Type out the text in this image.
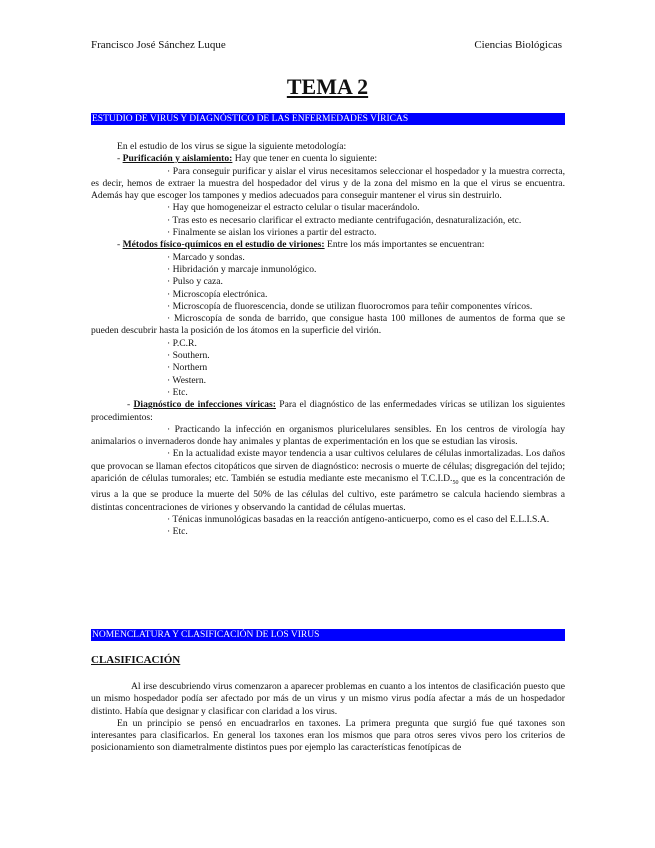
Francisco José Sánchez Luque	Ciencias Biológicas
TEMA 2
ESTUDIO DE VIRUS Y DIAGNÓSTICO DE LAS ENFERMEDADES VÍRICAS

En el estudio de los virus se sigue la siguiente metodología:

- Purificación y aislamiento: Hay que tener en cuenta lo siguiente:

· Para conseguir purificar y aislar el virus necesitamos seleccionar el hospedador y la muestra correcta, es decir, hemos de extraer la muestra del hospedador del virus y de la zona del mismo en la que el virus se encuentra. Además hay que escoger los tampones y medios adecuados para conseguir mantener el virus sin destruirlo.

· Hay que homogeneizar el estracto celular o tisular macerándolo.

· Tras esto es necesario clarificar el extracto mediante centrifugación, desnaturalización, etc.

· Finalmente se aislan los viriones a partir del estracto.

- Métodos físico-químicos en el estudio de viriones: Entre los más importantes se encuentran:

· Marcado y sondas.

· Hibridación y marcaje inmunológico.

· Pulso y caza.

· Microscopía electrónica.

· Microscopía de fluorescencia, donde se utilizan fluorocromos para teñir componentes víricos.

· Microscopía de sonda de barrido, que consigue hasta 100 millones de aumentos de forma que se pueden descubrir hasta la posición de los átomos en la superficie del virión.

· P.C.R.

· Southern.

· Northern

· Western.

· Etc.

- Diagnóstico de infecciones víricas: Para el diagnóstico de las enfermedades víricas se utilizan los siguientes procedimientos:

· Practicando la infección en organismos pluricelulares sensibles. En los centros de virología hay animalarios o invernaderos donde hay animales y plantas de experimentación en los que se estudian las virosis.

· En la actualidad existe mayor tendencia a usar cultivos celulares de células inmortalizadas. Los daños que provocan se llaman efectos citopáticos que sirven de diagnóstico: necrosis o muerte de células; disgregación del tejido; aparición de células tumorales; etc. También se estudia mediante este mecanismo el $T.C.I.D._{50}$ que es la concentración de virus a la que se produce la muerte del 50% de las células del cultivo, este parámetro se calcula haciendo siembras a distintas concentraciones de viriones y observando la cantidad de células muertas.

· Ténicas inmunológicas basadas en la reacción antígeno-anticuerpo, como es el caso del E.L.I.S.A.

· Etc.

NOMENCLATURA Y CLASIFICACIÓN DE LOS VIRUS
CLASIFICACIÓN

Al irse descubriendo virus comenzaron a aparecer problemas en cuanto a los intentos de clasificación puesto que un mismo hospedador podía ser afectado por más de un virus y un mismo virus podía afectar a más de un hospedador distinto. Había que designar y clasificar con claridad a los virus.

En un principio se pensó en encuadrarlos en taxones. La primera pregunta que surgió fue qué taxones son interesantes para clasificarlos. En general los taxones eran los mismos que para otros seres vivos pero los criterios de posicionamiento son diametralmente distintos pues por ejemplo las características fenotípicas de
